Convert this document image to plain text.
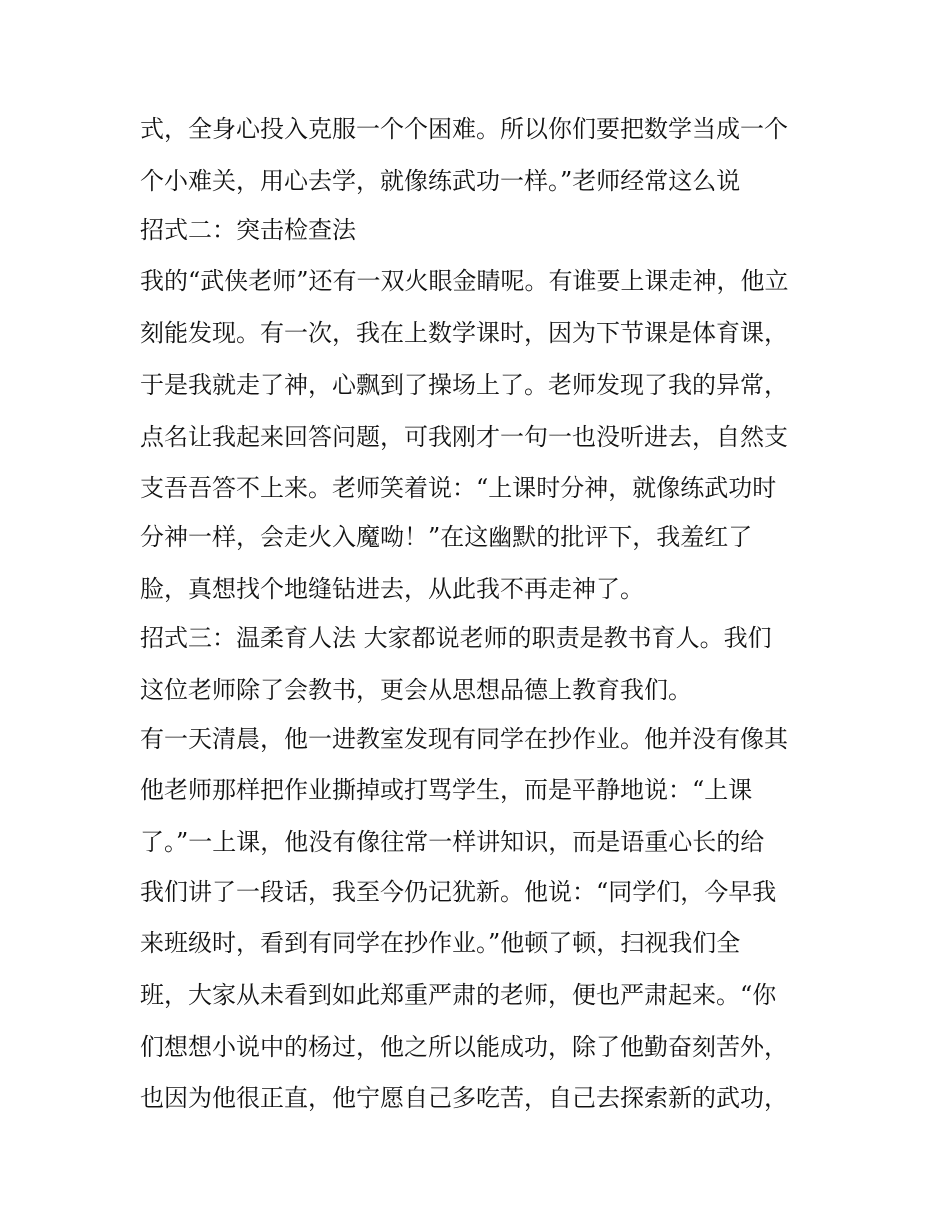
式，全身心投入克服一个个困难。所以你们要把数学当成一个
个小难关，用心去学，就像练武功一样。”老师经常这么说
招式二：突击检查法
我的“武侠老师”还有一双火眼金睛呢。有谁要上课走神，他立
刻能发现。有一次，我在上数学课时，因为下节课是体育课，
于是我就走了神，心飘到了操场上了。老师发现了我的异常，
点名让我起来回答问题，可我刚才一句一也没听进去，自然支
支吾吾答不上来。老师笑着说：“上课时分神，就像练武功时
分神一样，会走火入魔呦！”在这幽默的批评下，我羞红了
脸，真想找个地缝钻进去，从此我不再走神了。
招式三：温柔育人法 大家都说老师的职责是教书育人。我们
这位老师除了会教书，更会从思想品德上教育我们。
有一天清晨，他一进教室发现有同学在抄作业。他并没有像其
他老师那样把作业撕掉或打骂学生，而是平静地说：“上课
了。”一上课，他没有像往常一样讲知识，而是语重心长的给
我们讲了一段话，我至今仍记犹新。他说：“同学们，今早我
来班级时，看到有同学在抄作业。”他顿了顿，扫视我们全
班，大家从未看到如此郑重严肃的老师，便也严肃起来。“你
们想想小说中的杨过，他之所以能成功，除了他勤奋刻苦外，
也因为他很正直，他宁愿自己多吃苦，自己去探索新的武功，
